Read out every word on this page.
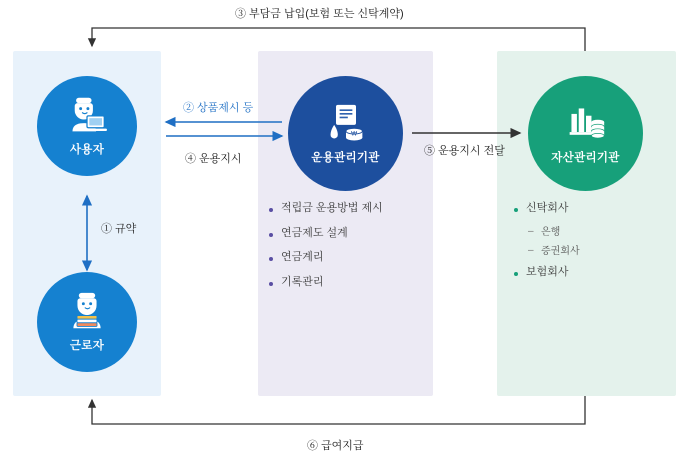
사용자
근로자
₩
운용관리기관	자산관리기관
적립금 운용방법 제시
연금제도 설계
연금계리
기록관리
신탁회사
– 은행
– 증권회사
보험회사
③ 부담금 납입(보험 또는 신탁계약)
⑥ 급여지급
② 상품제시 등
④ 운용지시
⑤ 운용지시 전달
① 규약
